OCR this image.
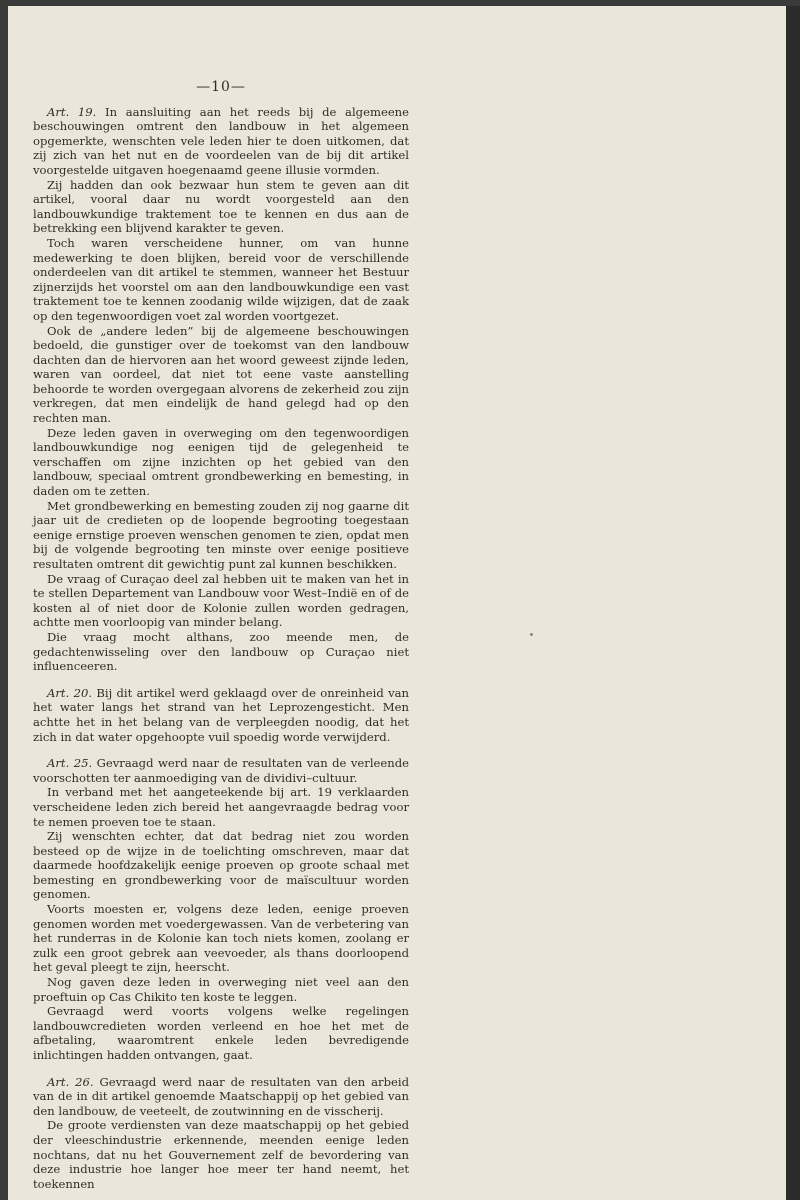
—10—

Art. 19. In aansluiting aan het reeds bij de algemeene beschouwingen omtrent den landbouw in het algemeen opgemerkte, wenschten vele leden hier te doen uitkomen, dat zij zich van het nut en de voordeelen van de bij dit artikel voorgestelde uitgaven hoegenaamd geene illusie vormden.

Zij hadden dan ook bezwaar hun stem te geven aan dit artikel, vooral daar nu wordt voorgesteld aan den landbouwkundige traktement toe te kennen en dus aan de betrekking een blijvend karakter te geven.

Toch waren verscheidene hunner, om van hunne medewerking te doen blijken, bereid voor de verschillende onderdeelen van dit artikel te stemmen, wanneer het Bestuur zijnerzijds het voorstel om aan den landbouwkundige een vast traktement toe te kennen zoodanig wilde wijzigen, dat de zaak op den tegenwoordigen voet zal worden voortgezet.

Ook de „andere leden” bij de algemeene beschouwingen bedoeld, die gunstiger over de toekomst van den landbouw dachten dan de hiervoren aan het woord geweest zijnde leden, waren van oordeel, dat niet tot eene vaste aanstelling behoorde te worden overgegaan alvorens de zekerheid zou zijn verkregen, dat men eindelijk de hand gelegd had op den rechten man.

Deze leden gaven in overweging om den tegenwoordigen landbouwkundige nog eenigen tijd de gelegenheid te verschaffen om zijne inzichten op het gebied van den landbouw, speciaal omtrent grondbewerking en bemesting, in daden om te zetten.

Met grondbewerking en bemesting zouden zij nog gaarne dit jaar uit de credieten op de loopende begrooting toegestaan eenige ernstige proeven wenschen genomen te zien, opdat men bij de volgende begrooting ten minste over eenige positieve resultaten omtrent dit gewichtig punt zal kunnen beschikken.

De vraag of Curaçao deel zal hebben uit te maken van het in te stellen Departement van Landbouw voor West–Indië en of de kosten al of niet door de Kolonie zullen worden gedragen, achtte men voorloopig van minder belang.

Die vraag mocht althans, zoo meende men, de gedachtenwisseling over den landbouw op Curaçao niet influenceeren.

Art. 20. Bij dit artikel werd geklaagd over de onreinheid van het water langs het strand van het Leprozengesticht. Men achtte het in het belang van de verpleegden noodig, dat het zich in dat water opgehoopte vuil spoedig worde verwijderd.

Art. 25. Gevraagd werd naar de resultaten van de verleende voorschotten ter aanmoediging van de dividivi–cultuur.

In verband met het aangeteekende bij art. 19 verklaarden verscheidene leden zich bereid het aangevraagde bedrag voor te nemen proeven toe te staan.

Zij wenschten echter, dat dat bedrag niet zou worden besteed op de wijze in de toelichting omschreven, maar dat daarmede hoofdzakelijk eenige proeven op groote schaal met bemesting en grondbewerking voor de maïscultuur worden genomen.

Voorts moesten er, volgens deze leden, eenige proeven genomen worden met voedergewassen. Van de verbetering van het runderras in de Kolonie kan toch niets komen, zoolang er zulk een groot gebrek aan veevoeder, als thans doorloopend het geval pleegt te zijn, heerscht.

Nog gaven deze leden in overweging niet veel aan den proeftuin op Cas Chikito ten koste te leggen.

Gevraagd werd voorts volgens welke regelingen landbouwcredieten worden verleend en hoe het met de afbetaling, waaromtrent enkele leden bevredigende inlichtingen hadden ontvangen, gaat.

Art. 26. Gevraagd werd naar de resultaten van den arbeid van de in dit artikel genoemde Maatschappij op het gebied van den landbouw, de veeteelt, de zoutwinning en de visscherij.

De groote verdiensten van deze maatschappij op het gebied der vleeschindustrie erkennende, meenden eenige leden nochtans, dat nu het Gouvernement zelf de bevordering van deze industrie hoe langer hoe meer ter hand neemt, het toekennen
